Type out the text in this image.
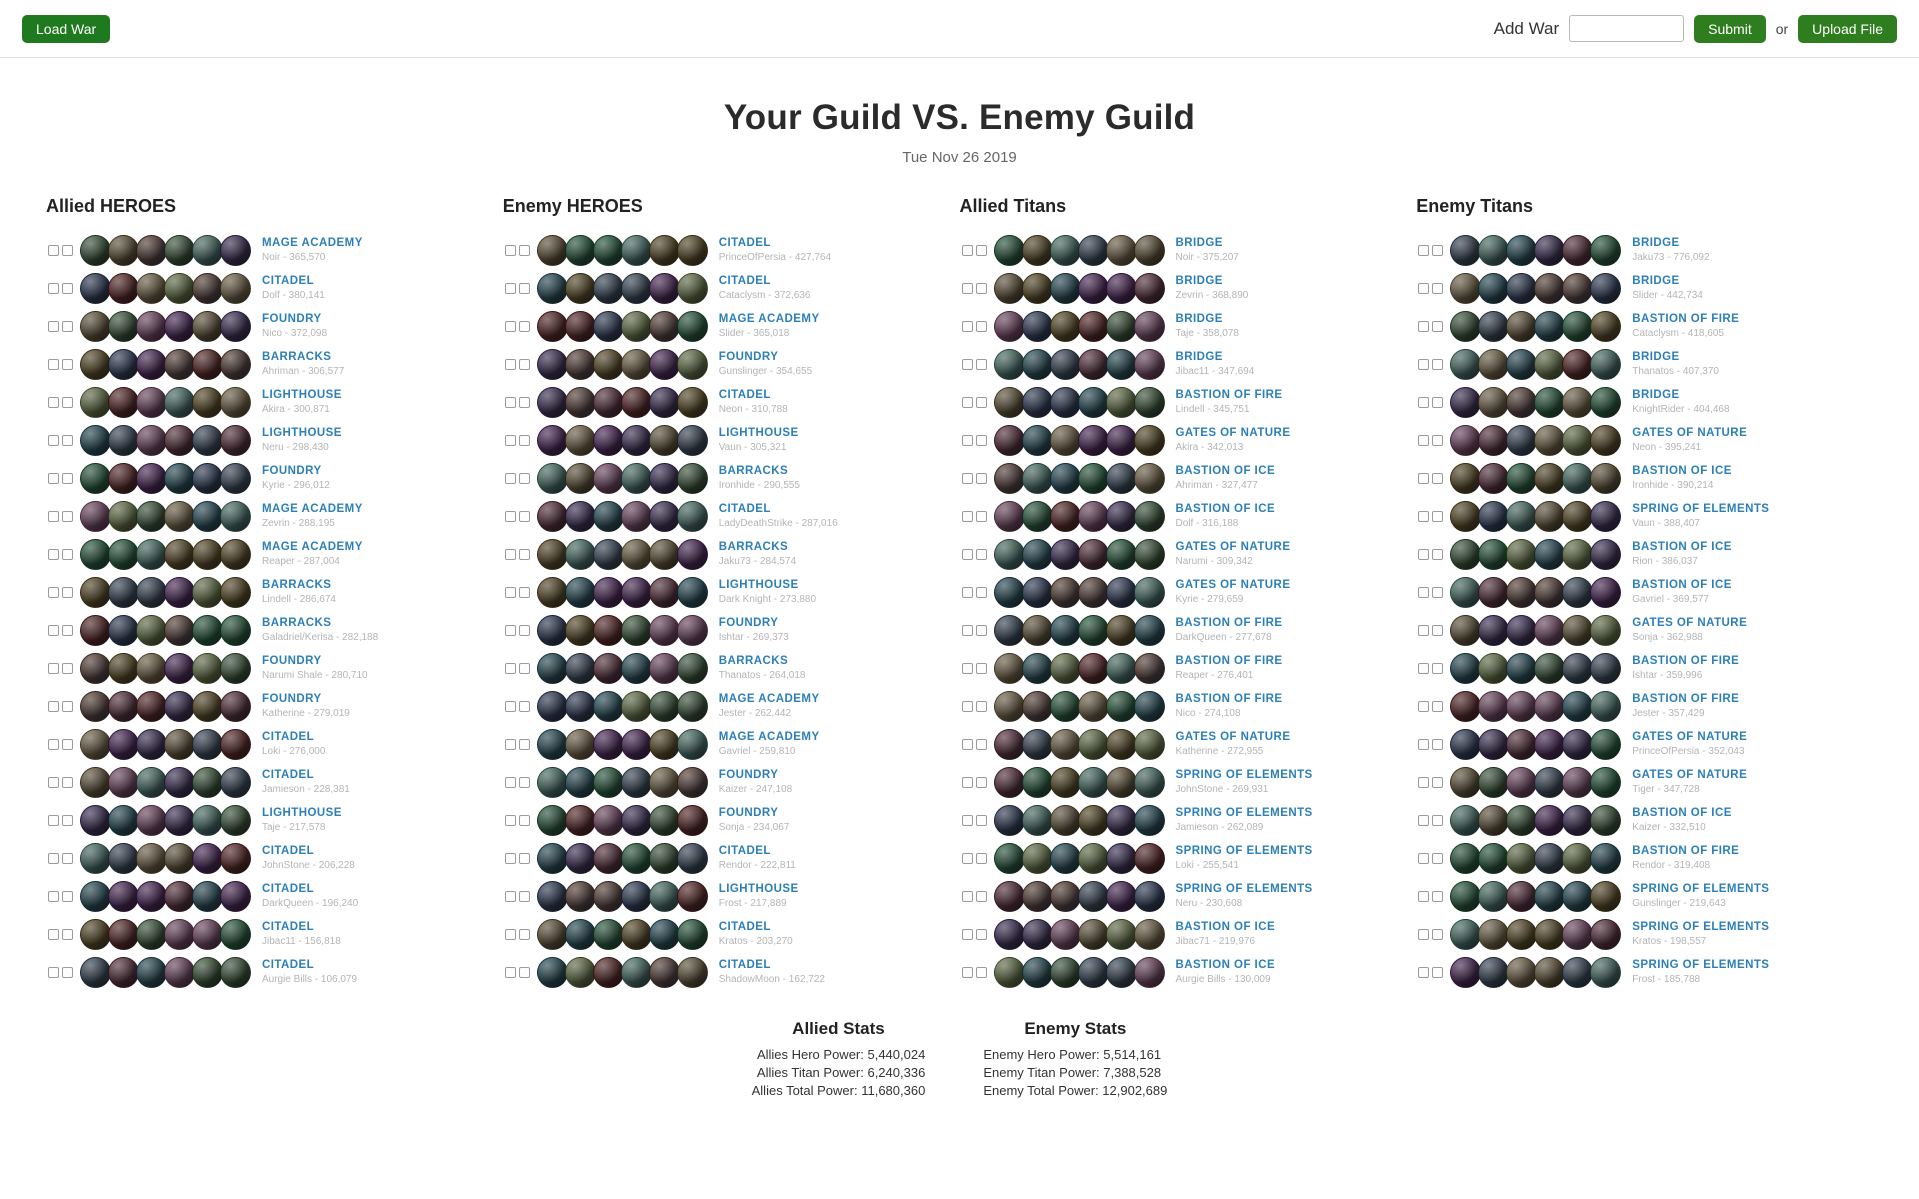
Load War	Add War	Submit	or	Upload File
Your Guild VS. Enemy Guild
Tue Nov 26 2019
Allied HEROES
MAGE ACADEMY
Noir - 365,570
CITADEL
Dolf - 380,141
FOUNDRY
Nico - 372,098
BARRACKS
Ahriman - 306,577
LIGHTHOUSE
Akira - 300,871
LIGHTHOUSE
Neru - 298,430
FOUNDRY
Kyrie - 296,012
MAGE ACADEMY
Zevrin - 288,195
MAGE ACADEMY
Reaper - 287,004
BARRACKS
Lindell - 286,674
BARRACKS
Galadriel/Kerisa - 282,188
FOUNDRY
Narumi Shale - 280,710
FOUNDRY
Katherine - 279,019
CITADEL
Loki - 276,000
CITADEL
Jamieson - 228,381
LIGHTHOUSE
Taje - 217,578
CITADEL
JohnStone - 206,228
CITADEL
DarkQueen - 196,240
CITADEL
Jibac11 - 156,818
CITADEL
Aurgie Bills - 106,079
Enemy HEROES
CITADEL
PrinceOfPersia - 427,764
CITADEL
Cataclysm - 372,636
MAGE ACADEMY
Slider - 365,018
FOUNDRY
Gunslinger - 354,655
CITADEL
Neon - 310,788
LIGHTHOUSE
Vaun - 305,321
BARRACKS
Ironhide - 290,555
CITADEL
LadyDeathStrike - 287,016
BARRACKS
Jaku73 - 284,574
LIGHTHOUSE
Dark Knight - 273,880
FOUNDRY
Ishtar - 269,373
BARRACKS
Thanatos - 264,018
MAGE ACADEMY
Jester - 262,442
MAGE ACADEMY
Gavriel - 259,810
FOUNDRY
Kaizer - 247,108
FOUNDRY
Sonja - 234,067
CITADEL
Rendor - 222,811
LIGHTHOUSE
Frost - 217,889
CITADEL
Kratos - 203,270
CITADEL
ShadowMoon - 162,722
Allied Titans
BRIDGE
Noir - 375,207
BRIDGE
Zevrin - 368,890
BRIDGE
Taje - 358,078
BRIDGE
Jibac11 - 347,694
BASTION OF FIRE
Lindell - 345,751
GATES OF NATURE
Akira - 342,013
BASTION OF ICE
Ahriman - 327,477
BASTION OF ICE
Dolf - 316,188
GATES OF NATURE
Narumi - 309,342
GATES OF NATURE
Kyrie - 279,659
BASTION OF FIRE
DarkQueen - 277,678
BASTION OF FIRE
Reaper - 276,401
BASTION OF FIRE
Nico - 274,108
GATES OF NATURE
Katherine - 272,955
SPRING OF ELEMENTS
JohnStone - 269,931
SPRING OF ELEMENTS
Jamieson - 262,089
SPRING OF ELEMENTS
Loki - 255,541
SPRING OF ELEMENTS
Neru - 230,608
BASTION OF ICE
Jibac71 - 219,976
BASTION OF ICE
Aurgie Bills - 130,009
Enemy Titans
BRIDGE
Jaku73 - 776,092
BRIDGE
Slider - 442,734
BASTION OF FIRE
Cataclysm - 418,605
BRIDGE
Thanatos - 407,370
BRIDGE
KnightRider - 404,468
GATES OF NATURE
Neon - 395,241
BASTION OF ICE
Ironhide - 390,214
SPRING OF ELEMENTS
Vaun - 388,407
BASTION OF ICE
Rion - 386,037
BASTION OF ICE
Gavriel - 369,577
GATES OF NATURE
Sonja - 362,988
BASTION OF FIRE
Ishtar - 359,996
BASTION OF FIRE
Jester - 357,429
GATES OF NATURE
PrinceOfPersia - 352,043
GATES OF NATURE
Tiger - 347,728
BASTION OF ICE
Kaizer - 332,510
BASTION OF FIRE
Rendor - 319,408
SPRING OF ELEMENTS
Gunslinger - 219,643
SPRING OF ELEMENTS
Kratos - 198,557
SPRING OF ELEMENTS
Frost - 185,788
Allied Stats
Allies Hero Power: 5,440,024
Allies Titan Power: 6,240,336
Allies Total Power: 11,680,360
Enemy Stats
Enemy Hero Power: 5,514,161
Enemy Titan Power: 7,388,528
Enemy Total Power: 12,902,689
